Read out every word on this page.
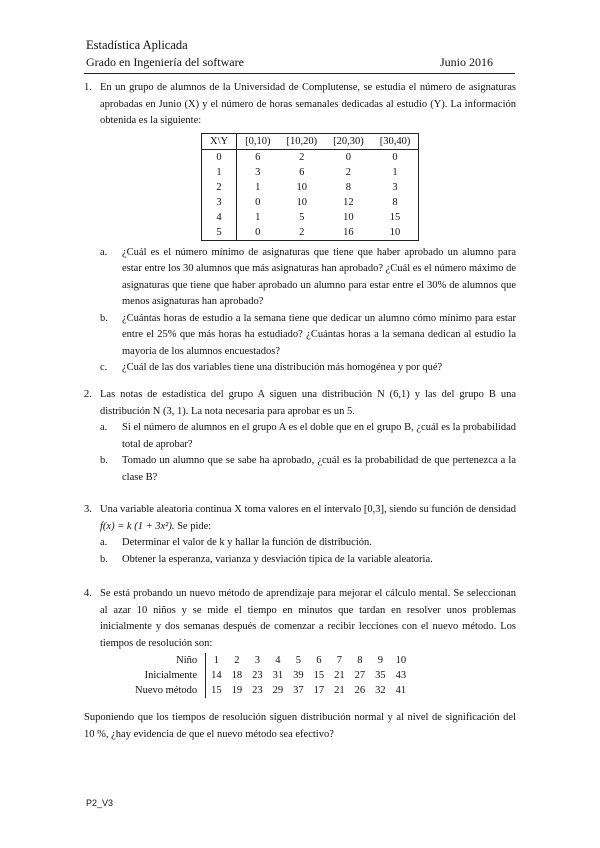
Estadística Aplicada
Grado en Ingeniería del software	Junio 2016
1. En un grupo de alumnos de la Universidad de Complutense, se estudia el número de asignaturas aprobadas en Junio (X) y el número de horas semanales dedicadas al estudio (Y). La información obtenida es la siguiente:
X\Y	[0,10)	[10,20)	[20,30)	[30,40)
0	6	2	0	0
1	3	6	2	1
2	1	10	8	3
3	0	10	12	8
4	1	5	10	15
5	0	2	16	10
a. ¿Cuál es el número mínimo de asignaturas que tiene que haber aprobado un alumno para estar entre los 30 alumnos que más asignaturas han aprobado? ¿Cuál es el número máximo de asignaturas que tiene que haber aprobado un alumno para estar entre el 30% de alumnos que menos asignaturas han aprobado?
b. ¿Cuántas horas de estudio a la semana tiene que dedicar un alumno cómo mínimo para estar entre el 25% que más horas ha estudiado? ¿Cuántas horas a la semana dedican al estudio la mayoría de los alumnos encuestados?
c. ¿Cuál de las dos variables tiene una distribución más homogénea y por qué?
2. Las notas de estadística del grupo A siguen una distribución N (6,1) y las del grupo B una distribución N (3, 1). La nota necesaria para aprobar es un 5.
a. Si el número de alumnos en el grupo A es el doble que en el grupo B, ¿cuál es la probabilidad total de aprobar?
b. Tomado un alumno que se sabe ha aprobado, ¿cuál es la probabilidad de que pertenezca a la clase B?
3. Una variable aleatoria continua X toma valores en el intervalo [0,3], siendo su función de densidad f(x) = k (1 + 3x²). Se pide:
a. Determinar el valor de k y hallar la función de distribución.
b. Obtener la esperanza, varianza y desviación típica de la variable aleatoria.
4. Se está probando un nuevo método de aprendizaje para mejorar el cálculo mental. Se seleccionan al azar 10 niños y se mide el tiempo en minutos que tardan en resolver unos problemas inicialmente y dos semanas después de comenzar a recibir lecciones con el nuevo método. Los tiempos de resolución son:
Niño	1	2	3	4	5	6	7	8	9	10
Inicialmente	14	18	23	31	39	15	21	27	35	43
Nuevo método	15	19	23	29	37	17	21	26	32	41
Suponiendo que los tiempos de resolución siguen distribución normal y al nivel de significación del 10 %, ¿hay evidencia de que el nuevo método sea efectivo?
P2_V3
